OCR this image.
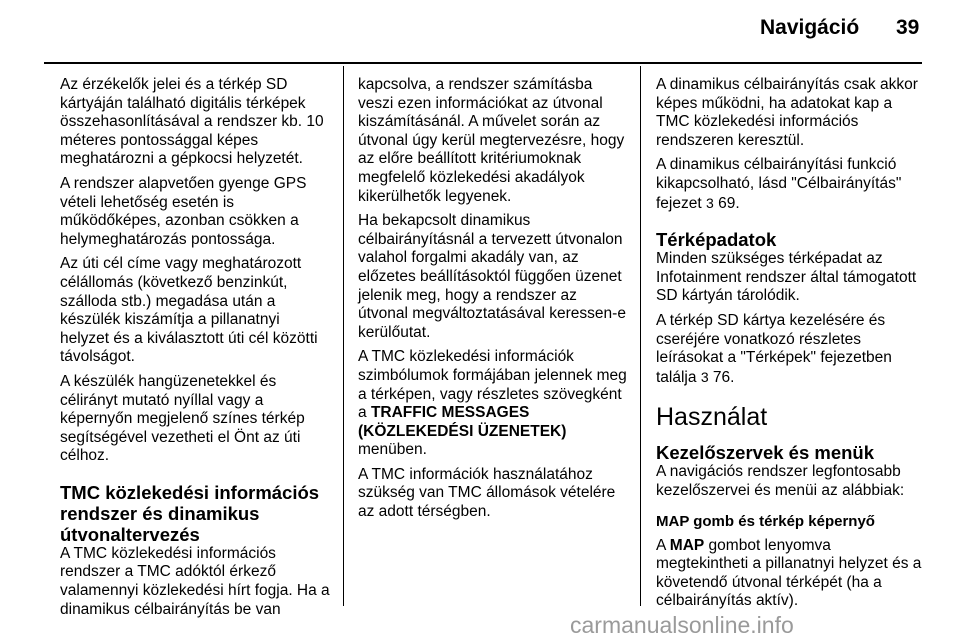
Navigáció 39

Az érzékelők jelei és a térkép SD kártyáján található digitális térképek összehasonlításával a rendszer kb. 10 méteres pontossággal képes meghatározni a gépkocsi helyzetét.

A rendszer alapvetően gyenge GPS vételi lehetőség esetén is működőképes, azonban csökken a helymeghatározás pontossága.

Az úti cél címe vagy meghatározott célállomás (következő benzinkút, szálloda stb.) megadása után a készülék kiszámítja a pillanatnyi helyzet és a kiválasztott úti cél közötti távolságot.

A készülék hangüzenetekkel és célirányt mutató nyíllal vagy a képernyőn megjelenő színes térkép segítségével vezetheti el Önt az úti célhoz.

TMC közlekedési információs rendszer és dinamikus útvonaltervezés

A TMC közlekedési információs rendszer a TMC adóktól érkező valamennyi közlekedési hírt fogja. Ha a dinamikus célbairányítás be van

kapcsolva, a rendszer számításba veszi ezen információkat az útvonal kiszámításánál. A művelet során az útvonal úgy kerül megtervezésre, hogy az előre beállított kritériumoknak megfelelő közlekedési akadályok kikerülhetők legyenek.

Ha bekapcsolt dinamikus célbairányításnál a tervezett útvonalon valahol forgalmi akadály van, az előzetes beállításoktól függően üzenet jelenik meg, hogy a rendszer az útvonal megváltoztatásával keressen-e kerülőutat.

A TMC közlekedési információk szimbólumok formájában jelennek meg a térképen, vagy részletes szövegként a TRAFFIC MESSAGES (KÖZLEKEDÉSI ÜZENETEK) menüben.

A TMC információk használatához szükség van TMC állomások vételére az adott térségben.

A dinamikus célbairányítás csak akkor képes működni, ha adatokat kap a TMC közlekedési információs rendszeren keresztül.

A dinamikus célbairányítási funkció kikapcsolható, lásd "Célbairányítás" fejezet 3 69.

Térképadatok

Minden szükséges térképadat az Infotainment rendszer által támogatott SD kártyán tárolódik.

A térkép SD kártya kezelésére és cseréjére vonatkozó részletes leírásokat a "Térképek" fejezetben találja 3 76.

Használat

Kezelőszervek és menük

A navigációs rendszer legfontosabb kezelőszervei és menüi az alábbiak:

MAP gomb és térkép képernyő

A MAP gombot lenyomva megtekintheti a pillanatnyi helyzet és a követendő útvonal térképét (ha a célbairányítás aktív).

carmanualsonline.info
